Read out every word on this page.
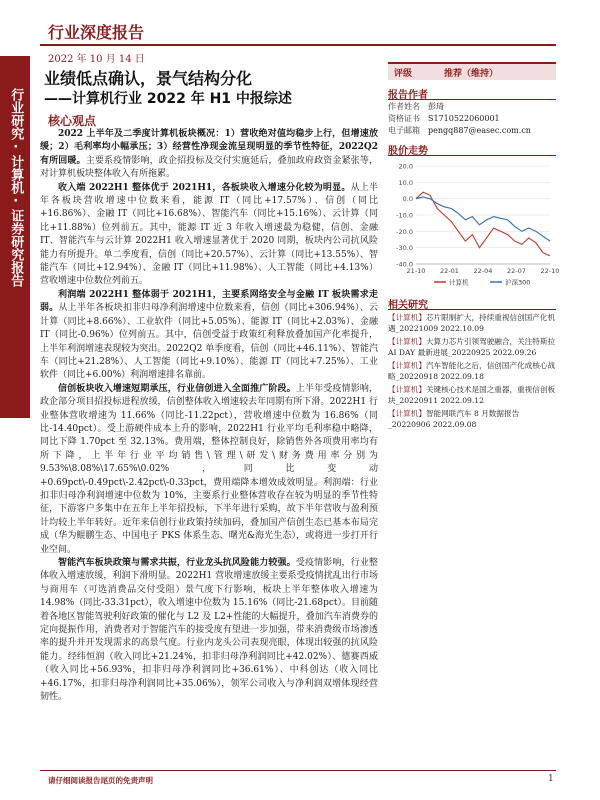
行业研究·计算机·证券研究报告
行业深度报告
2022 年 10 月 14 日
业绩低点确认，景气结构分化
——计算机行业 2022 年 H1 中报综述
核心观点

2022 上半年及二季度计算机板块概况：1）营收绝对值均稳步上行，但增速放缓；2）毛利率均小幅承压；3）经营性净现金流呈现明显的季节性特征，2022Q2 有所回暖。主要系疫情影响，政企招投标及交付实施延后，叠加政府政资金紧张等，对计算机板块整体收入有所拖累。

收入端 2022H1 整体优于 2021H1，各板块收入增速分化较为明显。从上半年各板块营收增速中位数来看，能源 IT（同比+17.57%）、信创（同比+16.86%）、金融 IT（同比+16.68%）、智能汽车（同比+15.16%）、云计算（同比+11.88%）位列前五。其中，能源 IT 近 3 年收入增速最为稳健，信创、金融 IT、智能汽车与云计算 2022H1 收入增速显著优于 2020 同期，板块内公司抗风险能力有所提升。单二季度看，信创（同比+20.57%）、云计算（同比+13.55%）、智能汽车（同比+12.94%）、金融 IT（同比+11.98%）、人工智能（同比+4.13%）营收增速中位数位列前五。

利润端 2022H1 整体弱于 2021H1，主要系网络安全与金融 IT 板块需求走弱。从上半年各板块扣非归母净利润增速中位数来看，信创（同比+306.94%）、云计算（同比+8.66%）、工业软件（同比+5.05%）、能源 IT（同比+2.03%）、金融 IT（同比-0.96%）位列前五。其中，信创受益于政策红利释放叠加国产化率提升，上半年利润增速表现较为突出。2022Q2 单季度看，信创（同比+46.11%）、智能汽车（同比+21.28%）、人工智能（同比+9.10%）、能源 IT（同比+7.25%）、工业软件（同比+6.00%）利润增速排名靠前。

信创板块收入增速短期承压，行业信创进入全面推广阶段。上半年受疫情影响，政企部分项目招投标进程放缓，信创整体收入增速较去年同期有所下滑。2022H1 行业整体营收增速为 11.66%（同比-11.22pct），营收增速中位数为 16.86%（同比-14.40pct）。受上游硬件成本上升的影响，2022H1 行业平均毛利率稳中略降，同比下降 1.70pct 至 32.13%。费用端，整体控制良好，除销售外各项费用率均有所下降，上半年行业平均销售\管理\研发\财务费用率分别为 9.53%\8.08%\17.65%\0.02%，同比变动+0.69pct\-0.49pct\-2.42pct\-0.33pct，费用端降本增效成效明显。利润端：行业扣非归母净利润增速中位数为 10%，主要系行业整体营收存在较为明显的季节性特征，下游客户多集中在五年上半年招投标，下半年进行采购，故下半年营收与盈利预计均较上半年转好。近年来信创行业政策持续加码，叠加国产信创生态已基本布局完成（华为鲲鹏生态、中国电子 PKS 体系生态、曙光&海光生态），或将进一步打开行业空间。

智能汽车板块政策与需求共振，行业龙头抗风险能力较强。受疫情影响，行业整体收入增速放缓，利润下滑明显。2022H1 营收增速放缓主要系受疫情扰乱出行市场与商用车（可选消费品交付受阻）景气度下行影响，板块上半年整体收入增速为 14.98%（同比-33.31pct），收入增速中位数为 15.16%（同比-21.68pct）。目前随着各地区智能驾驶利好政策的催化与 L2 及 L2+性能的大幅提升，叠加汽车消费券的定向提振作用，消费者对于智能汽车的接受度有望进一步加强，带来消费级市场渗透率的提升并开发现需求的高景气度。行业内龙头公司表现亮眼，体现出较强的抗风险能力。经纬恒润（收入同比+21.24%，扣非归母净利润同比+42.02%）、德赛西威（收入同比+56.93%，扣非归母净利润同比+36.61%）、中科创达（收入同比+46.17%，扣非归母净利润同比+35.06%），领军公司收入与净利润双增体现经营韧性。

评级	推荐（维持）
报告作者
作者姓名	彭琦
资格证书	S1710522060001
电子邮箱	pengq887@easec.com.cn
股价走势
20.0
10.0
0.0
-10.0
-20.0
-30.0
-40.0
21-10 22-01 22-04 22-07 22-10
计算机	沪深300
相关研究
【计算机】芯片限制扩大，持续重视信创国产化机遇_20221009 2022.10.09
【计算机】大算力芯片引领驾驶融合，关注特斯拉 AI DAY 最新进展_20220925 2022.09.26
【计算机】汽车智能化之后，信创国产化成核心战略_20220918 2022.09.18
【计算机】关键核心技术是国之重器，重视信创板块_20220911 2022.09.12
【计算机】智能网联汽车 8 月数据报告_20220906 2022.09.08
请仔细阅读报告尾页的免责声明	1
